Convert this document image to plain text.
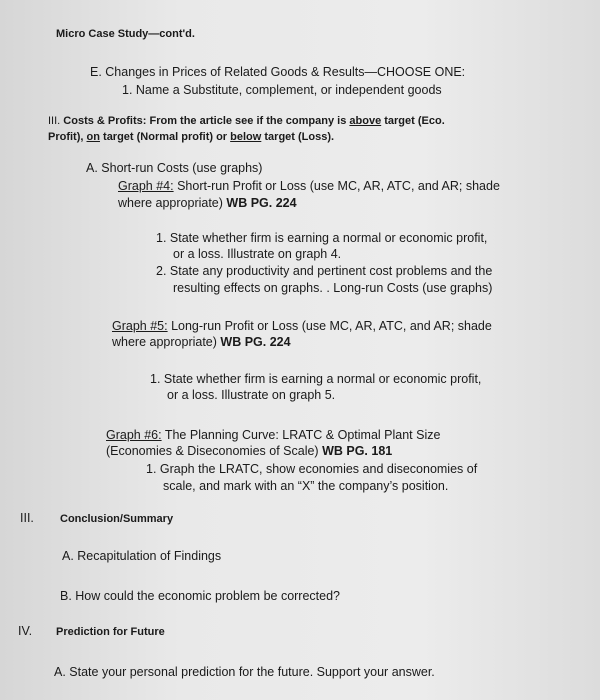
Micro Case Study—cont'd.
E. Changes in Prices of Related Goods & Results—CHOOSE ONE:
1. Name a Substitute, complement, or independent goods
III. Costs & Profits: From the article see if the company is above target (Eco.
Profit), on target (Normal profit) or below target (Loss).
A. Short-run Costs (use graphs)
Graph #4: Short-run Profit or Loss (use MC, AR, ATC, and AR; shade
where appropriate) WB PG. 224
1. State whether firm is earning a normal or economic profit,
or a loss. Illustrate on graph 4.
2. State any productivity and pertinent cost problems and the
resulting effects on graphs. . Long-run Costs (use graphs)
Graph #5: Long-run Profit or Loss (use MC, AR, ATC, and AR; shade
where appropriate) WB PG. 224
1. State whether firm is earning a normal or economic profit,
or a loss. Illustrate on graph 5.
Graph #6: The Planning Curve: LRATC & Optimal Plant Size
(Economies & Diseconomies of Scale) WB PG. 181
1. Graph the LRATC, show economies and diseconomies of
scale, and mark with an “X” the company’s position.
III. Conclusion/Summary
A. Recapitulation of Findings
B. How could the economic problem be corrected?
IV. Prediction for Future
A. State your personal prediction for the future. Support your answer.
